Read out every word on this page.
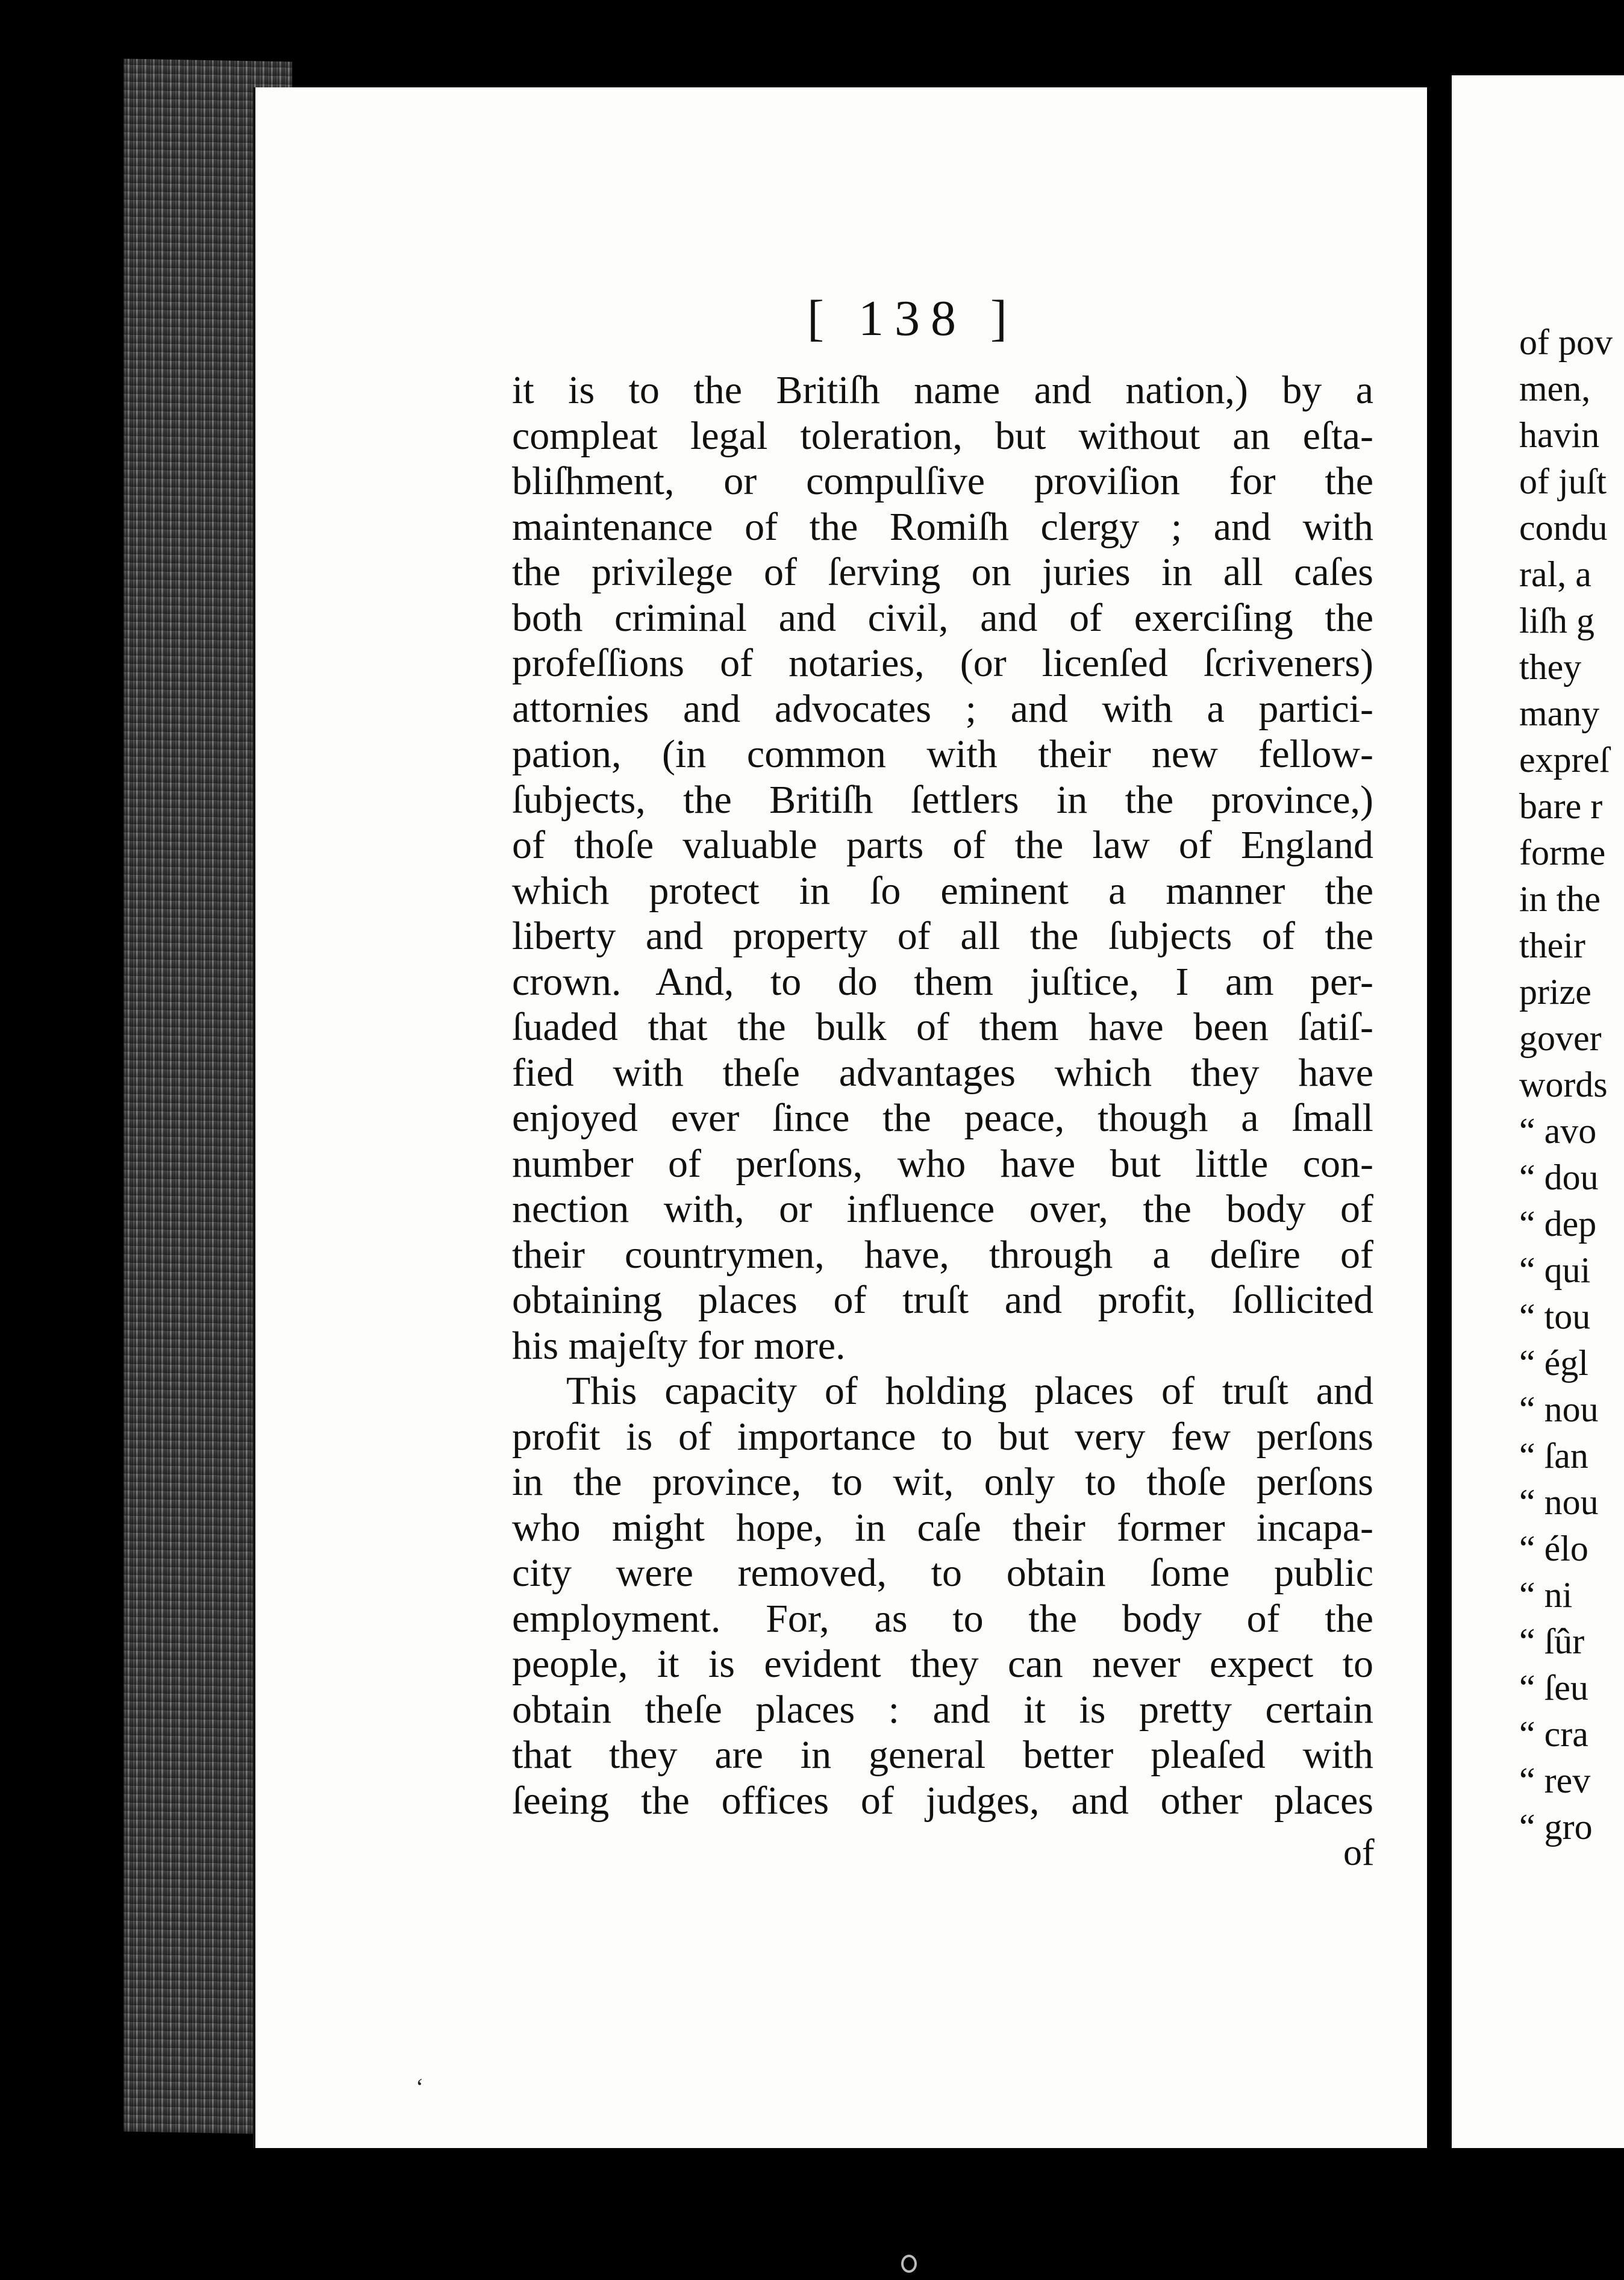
[ 138 ]
it is to the Britiſh name and nation,) by a
compleat legal toleration, but without an eſta-
bliſhment, or compulſive proviſion for the
maintenance of the Romiſh clergy ; and with
the privilege of ſerving on juries in all caſes
both criminal and civil, and of exerciſing the
profeſſions of notaries, (or licenſed ſcriveners)
attornies and advocates ; and with a partici-
pation, (in common with their new fellow-
ſubjects, the Britiſh ſettlers in the province,)
of thoſe valuable parts of the law of England
which protect in ſo eminent a manner the
liberty and property of all the ſubjects of the
crown. And, to do them juſtice, I am per-
ſuaded that the bulk of them have been ſatiſ-
fied with theſe advantages which they have
enjoyed ever ſince the peace, though a ſmall
number of perſons, who have but little con-
nection with, or influence over, the body of
their countrymen, have, through a deſire of
obtaining places of truſt and profit, ſollicited
his majeſty for more.
This capacity of holding places of truſt and
profit is of importance to but very few perſons
in the province, to wit, only to thoſe perſons
who might hope, in caſe their former incapa-
city were removed, to obtain ſome public
employment. For, as to the body of the
people, it is evident they can never expect to
obtain theſe places : and it is pretty certain
that they are in general better pleaſed with
ſeeing the offices of judges, and other places
of
of pov
men,
havin
of juſt
condu
ral, a
liſh g
they
many
expreſ
bare r
forme
in the
their
prize
gover
words
“ avo
“ dou
“ dep
“ qui
“ tou
“ égl
“ nou
“ ſan
“ nou
“ élo
“ ni
“ ſûr
“ ſeu
“ cra
“ rev
“ gro
‘
